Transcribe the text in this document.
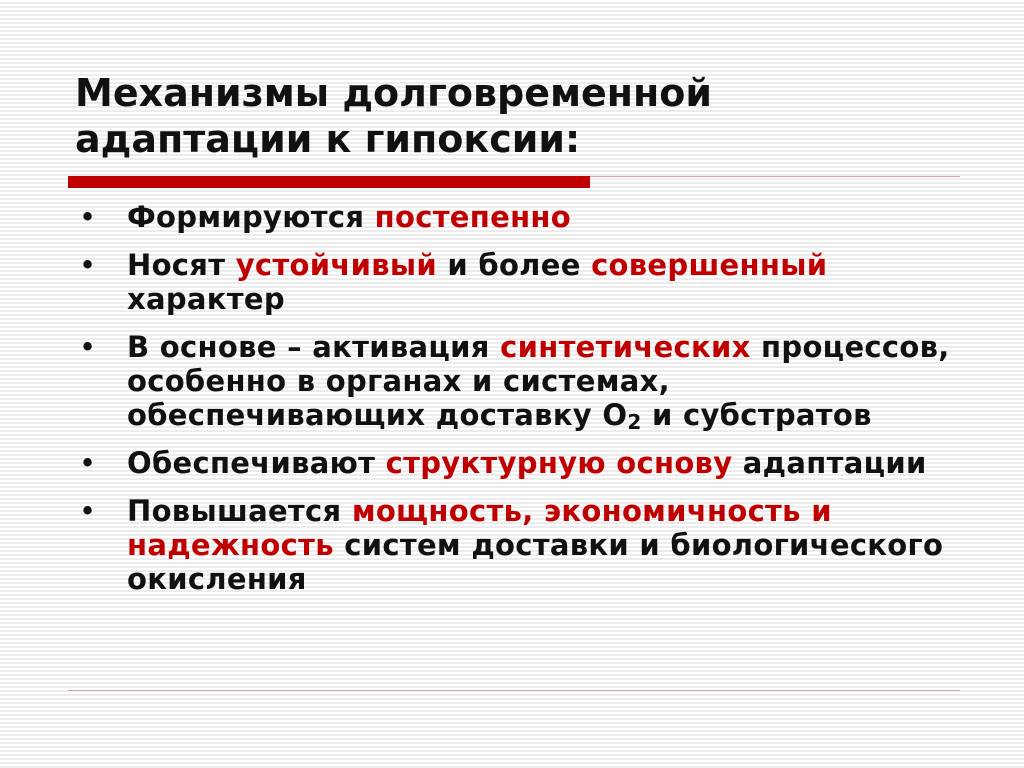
Механизмы долговременной
адаптации к гипоксии:
• Формируются постепенно
• Носят устойчивый и более совершенный характер
• В основе – активация синтетических процессов, особенно в органах и системах, обеспечивающих доставку $О_2$ и субстратов
• Обеспечивают структурную основу адаптации
• Повышается мощность, экономичность и надежность систем доставки и биологического окисления
